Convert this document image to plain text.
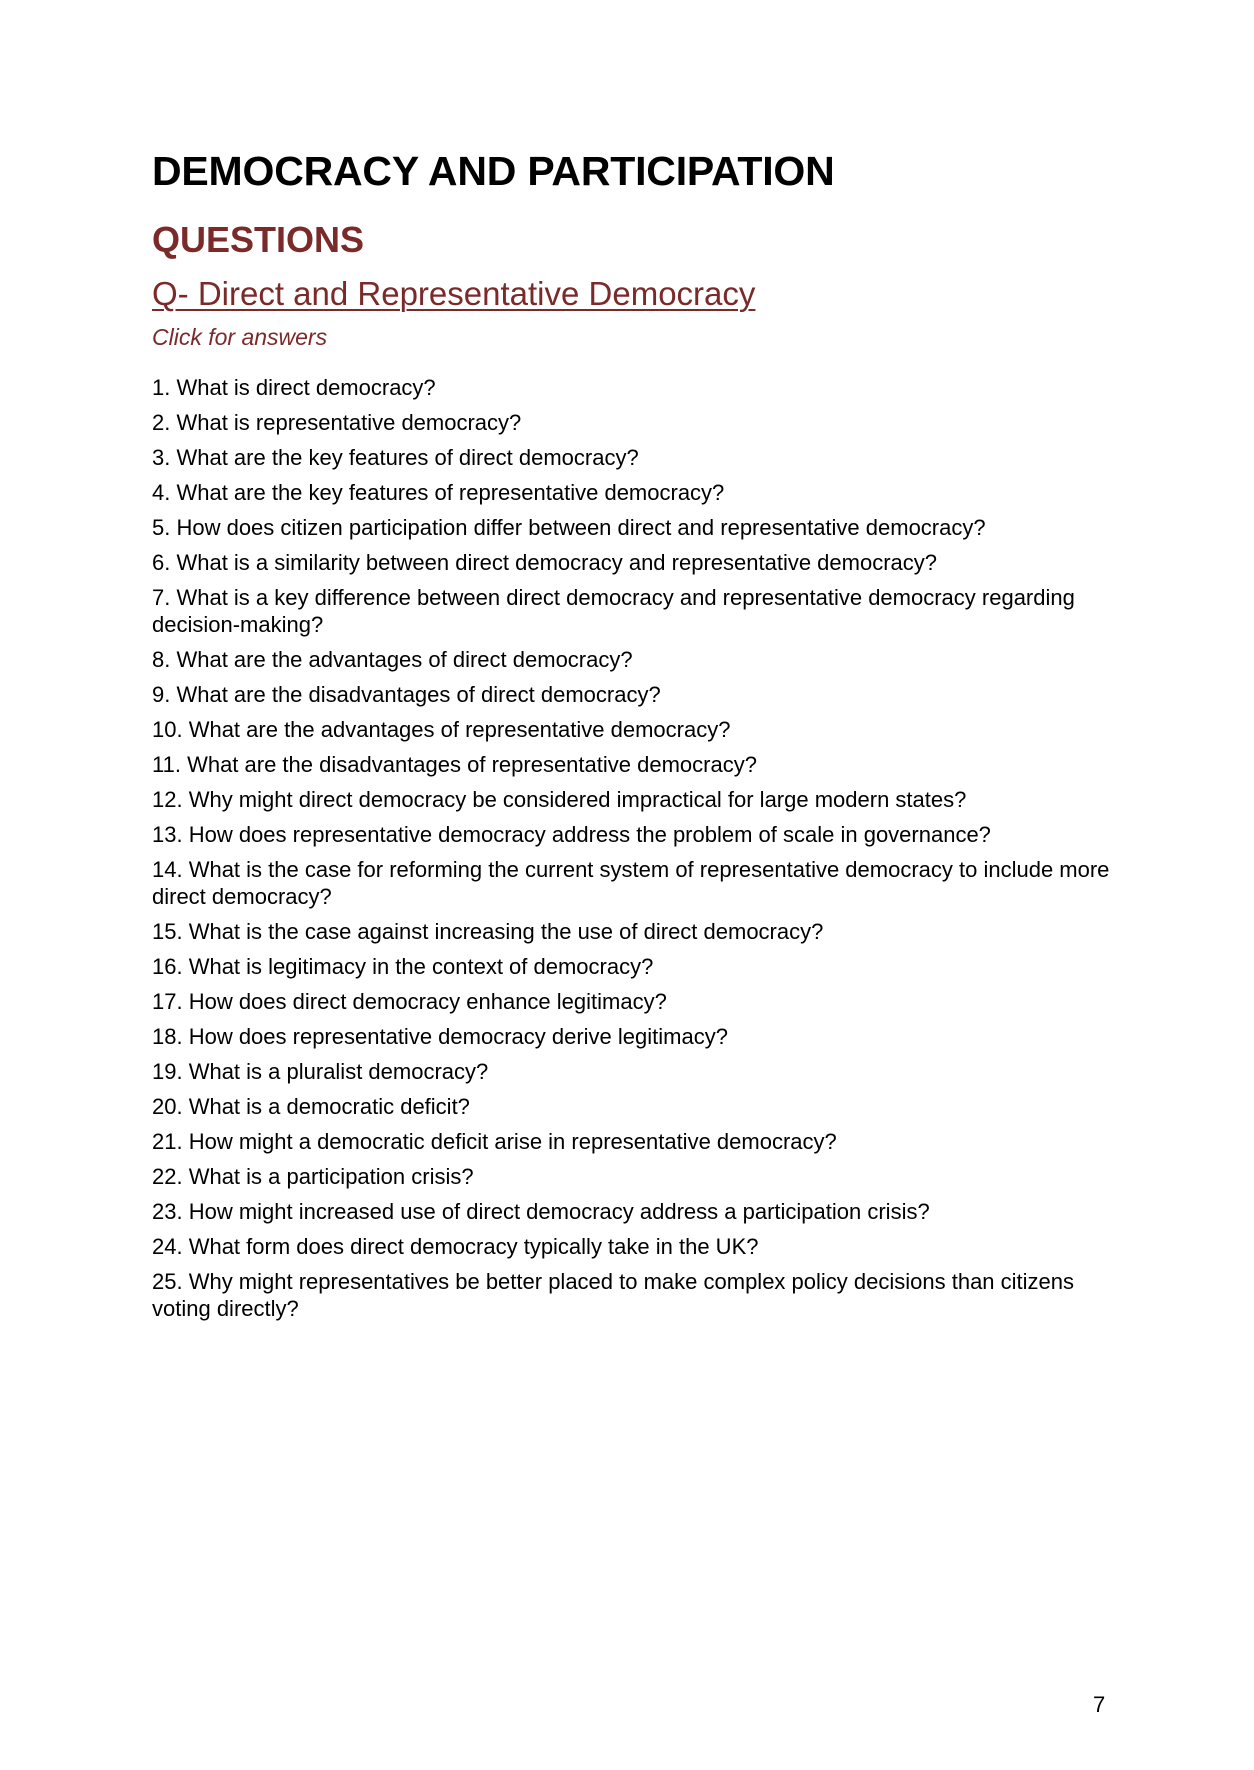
DEMOCRACY AND PARTICIPATION
QUESTIONS
Q- Direct and Representative Democracy
Click for answers
1. What is direct democracy?
2. What is representative democracy?
3. What are the key features of direct democracy?
4. What are the key features of representative democracy?
5. How does citizen participation differ between direct and representative democracy?
6. What is a similarity between direct democracy and representative democracy?
7. What is a key difference between direct democracy and representative democracy regarding decision-making?
8. What are the advantages of direct democracy?
9. What are the disadvantages of direct democracy?
10. What are the advantages of representative democracy?
11. What are the disadvantages of representative democracy?
12. Why might direct democracy be considered impractical for large modern states?
13. How does representative democracy address the problem of scale in governance?
14. What is the case for reforming the current system of representative democracy to include more direct democracy?
15. What is the case against increasing the use of direct democracy?
16. What is legitimacy in the context of democracy?
17. How does direct democracy enhance legitimacy?
18. How does representative democracy derive legitimacy?
19. What is a pluralist democracy?
20. What is a democratic deficit?
21. How might a democratic deficit arise in representative democracy?
22. What is a participation crisis?
23. How might increased use of direct democracy address a participation crisis?
24. What form does direct democracy typically take in the UK?
25. Why might representatives be better placed to make complex policy decisions than citizens voting directly?
7
